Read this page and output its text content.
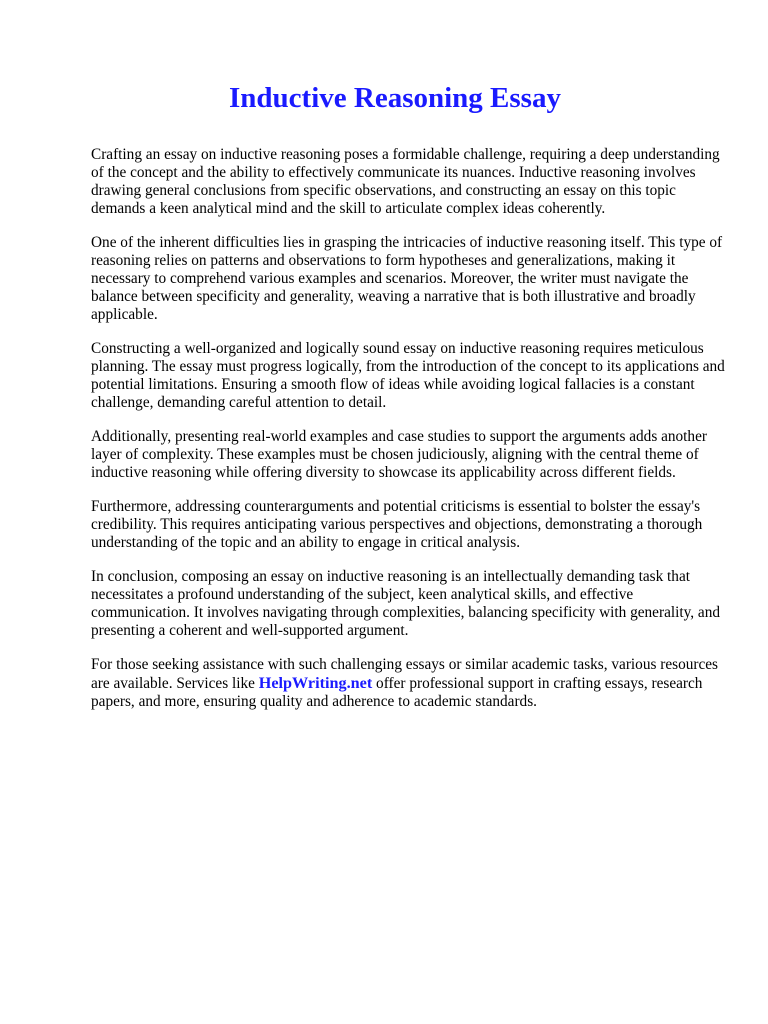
Inductive Reasoning Essay

Crafting an essay on inductive reasoning poses a formidable challenge, requiring a deep understanding of the concept and the ability to effectively communicate its nuances. Inductive reasoning involves drawing general conclusions from specific observations, and constructing an essay on this topic demands a keen analytical mind and the skill to articulate complex ideas coherently.

One of the inherent difficulties lies in grasping the intricacies of inductive reasoning itself. This type of reasoning relies on patterns and observations to form hypotheses and generalizations, making it necessary to comprehend various examples and scenarios. Moreover, the writer must navigate the balance between specificity and generality, weaving a narrative that is both illustrative and broadly applicable.

Constructing a well-organized and logically sound essay on inductive reasoning requires meticulous planning. The essay must progress logically, from the introduction of the concept to its applications and potential limitations. Ensuring a smooth flow of ideas while avoiding logical fallacies is a constant challenge, demanding careful attention to detail.

Additionally, presenting real-world examples and case studies to support the arguments adds another layer of complexity. These examples must be chosen judiciously, aligning with the central theme of inductive reasoning while offering diversity to showcase its applicability across different fields.

Furthermore, addressing counterarguments and potential criticisms is essential to bolster the essay's credibility. This requires anticipating various perspectives and objections, demonstrating a thorough understanding of the topic and an ability to engage in critical analysis.

In conclusion, composing an essay on inductive reasoning is an intellectually demanding task that necessitates a profound understanding of the subject, keen analytical skills, and effective communication. It involves navigating through complexities, balancing specificity with generality, and presenting a coherent and well-supported argument.

For those seeking assistance with such challenging essays or similar academic tasks, various resources are available. Services like HelpWriting.net offer professional support in crafting essays, research papers, and more, ensuring quality and adherence to academic standards.
